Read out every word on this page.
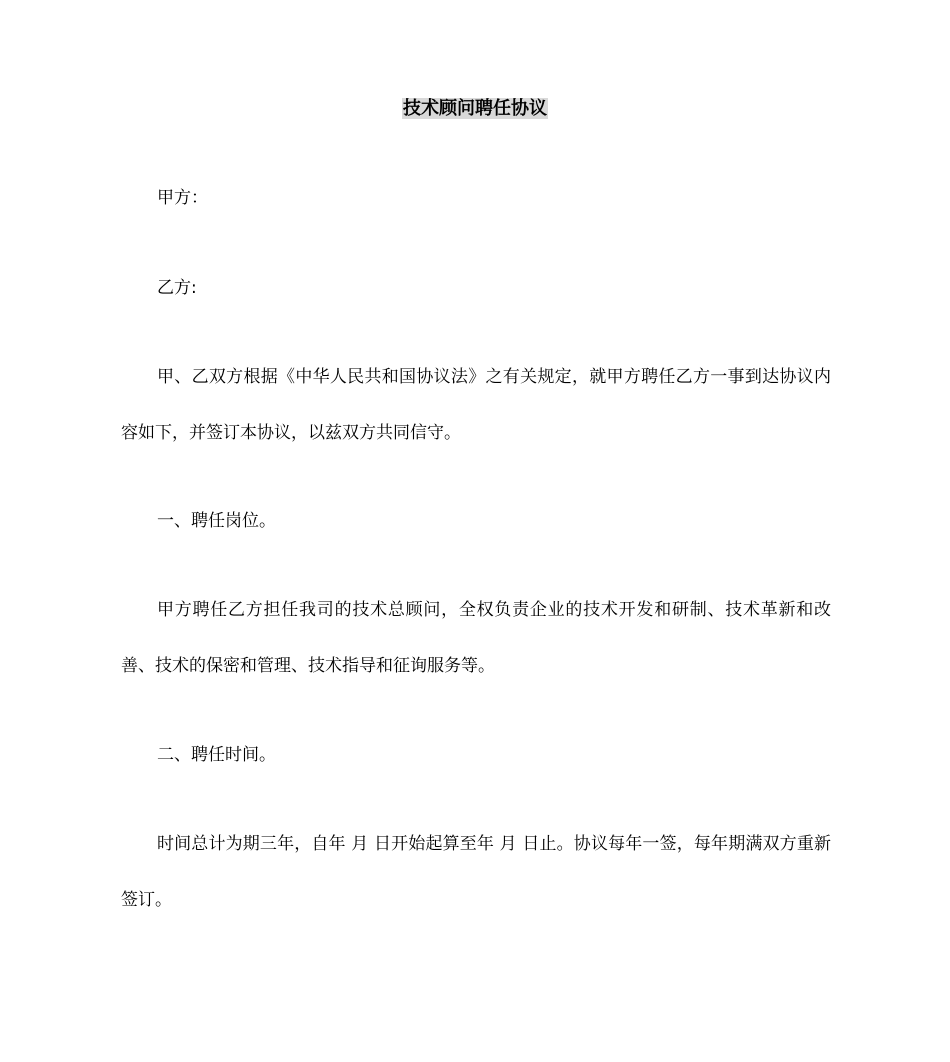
技术顾问聘任协议

甲方：

乙方:

甲、乙双方根据《中华人民共和国协议法》之有关规定，就甲方聘任乙方一事到达协议内容如下，并签订本协议，以兹双方共同信守。

一、聘任岗位。

甲方聘任乙方担任我司的技术总顾问，全权负责企业的技术开发和研制、技术革新和改善、技术的保密和管理、技术指导和征询服务等。

二、聘任时间。

时间总计为期三年，自年 月 日开始起算至年 月 日止。协议每年一签，每年期满双方重新签订。
